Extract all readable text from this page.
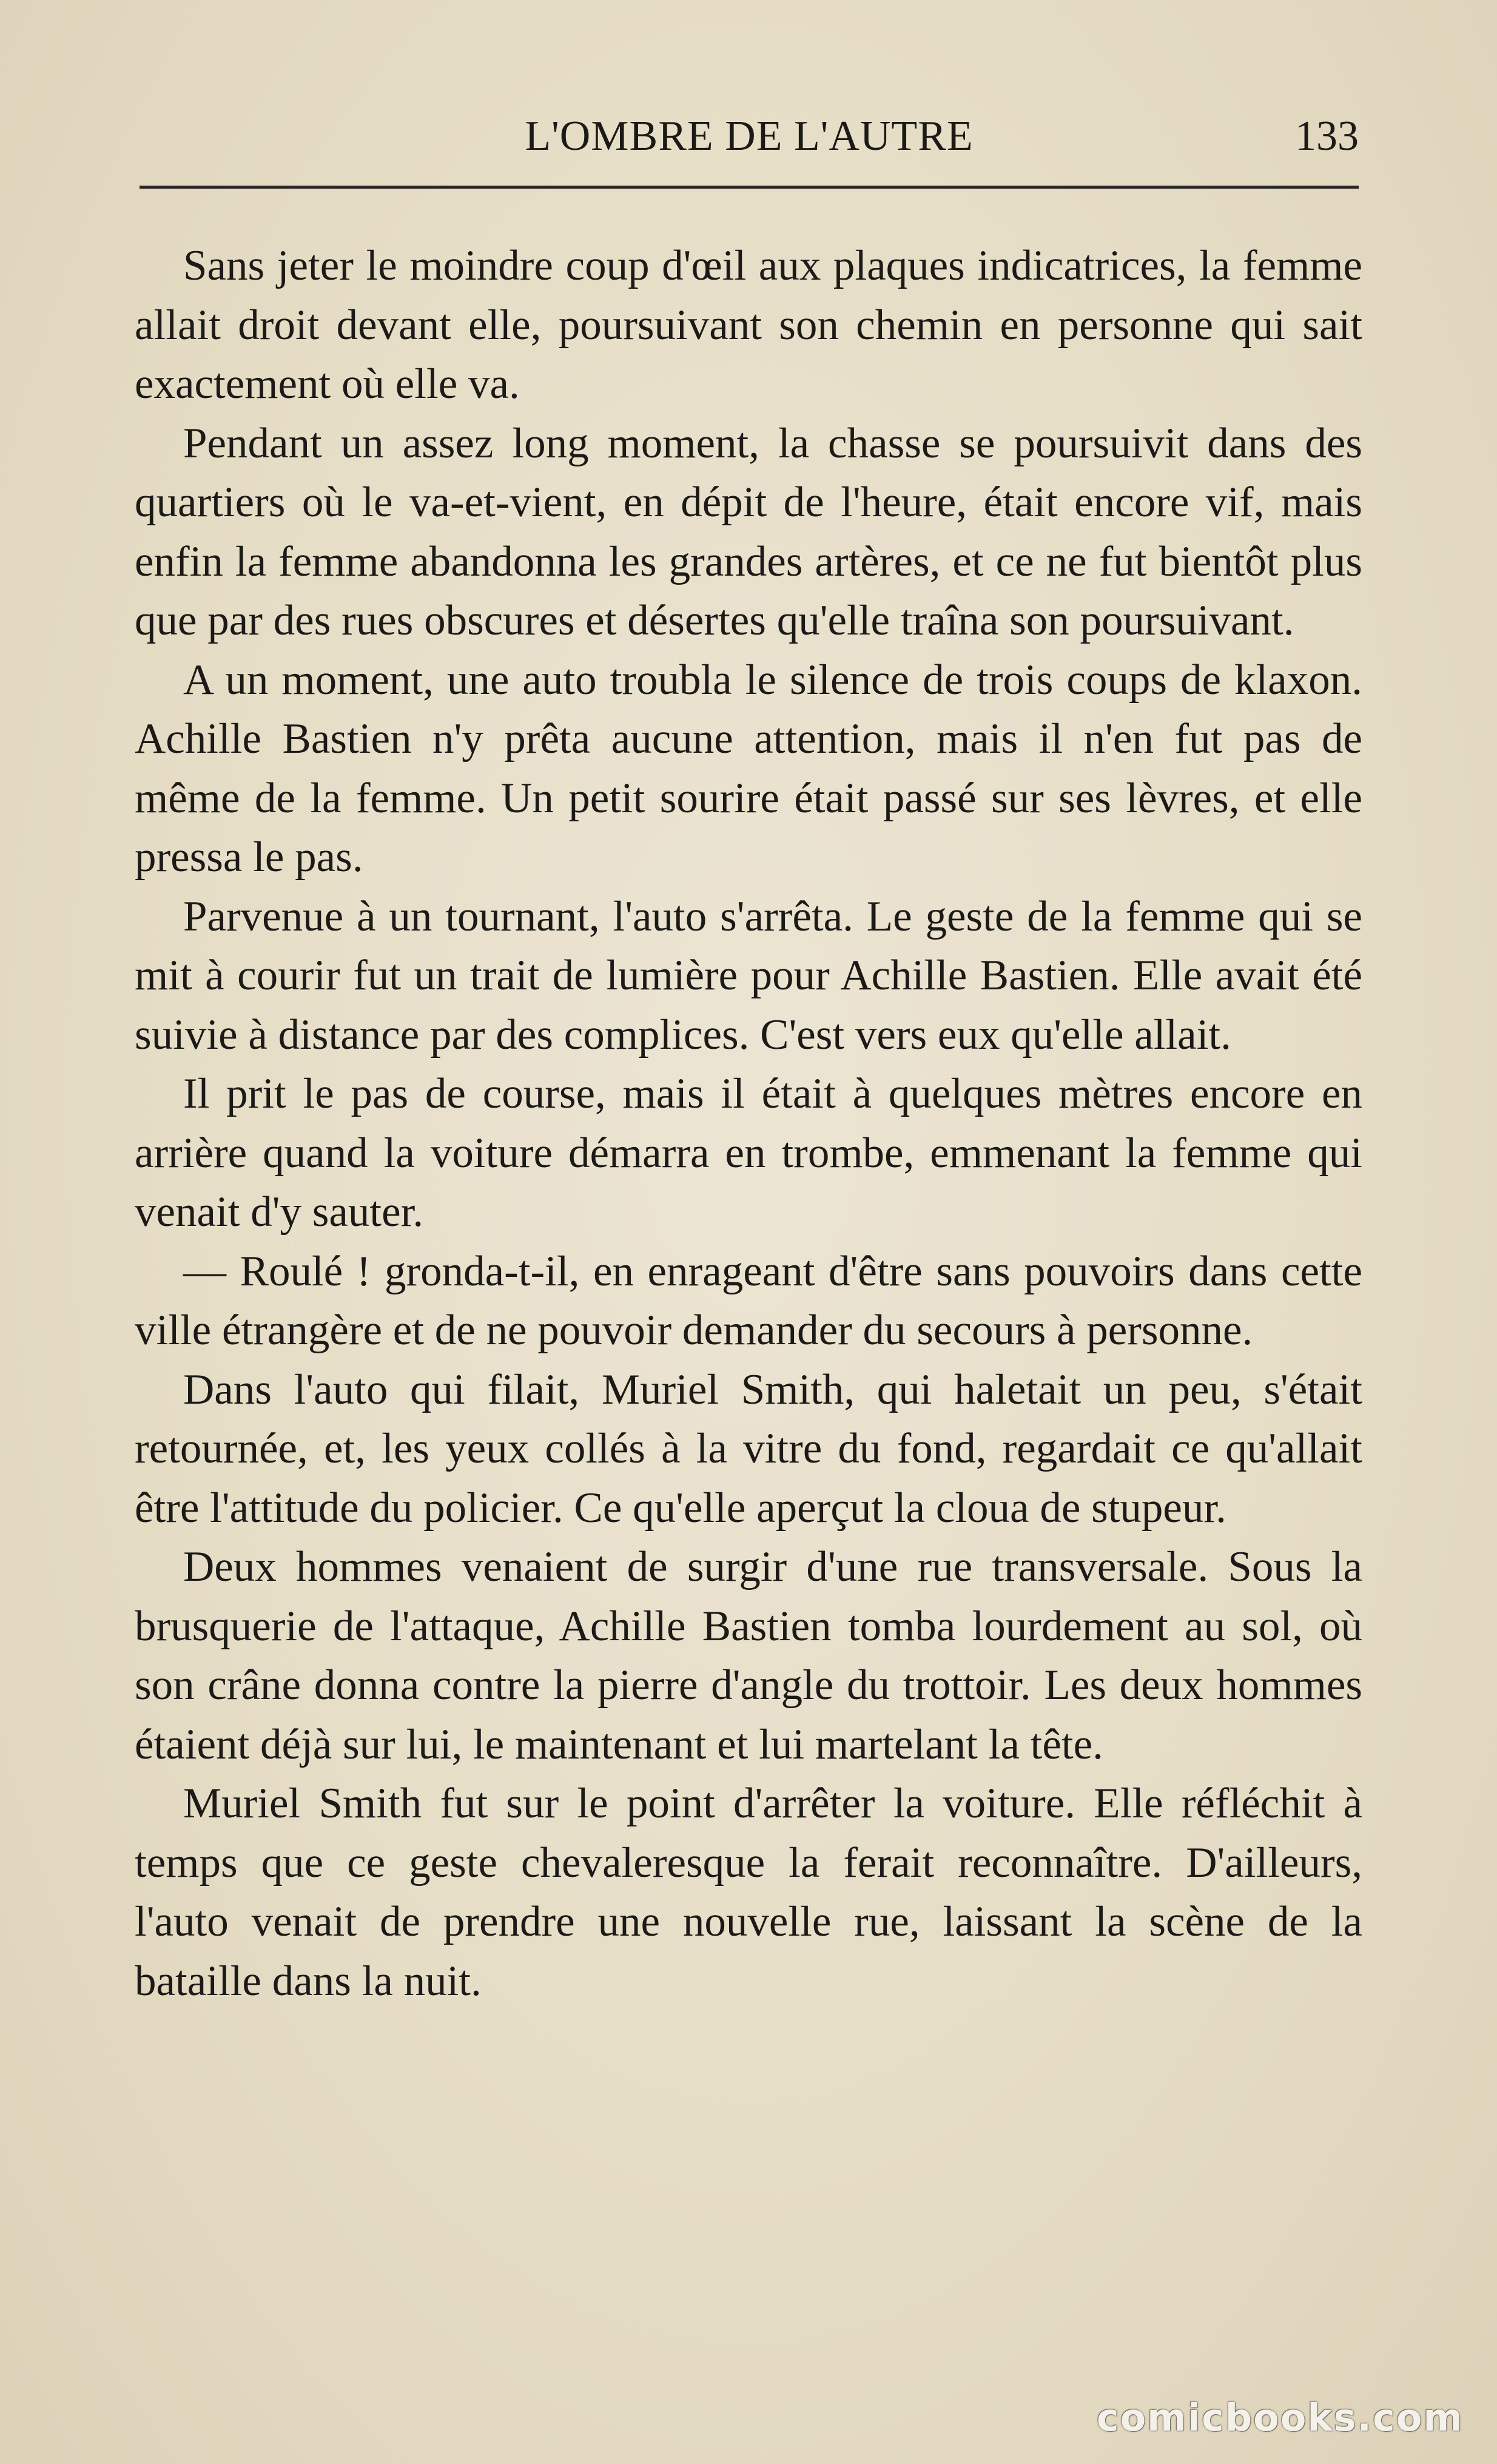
L'OMBRE DE L'AUTRE	133

Sans jeter le moindre coup d'œil aux plaques indicatrices, la femme allait droit devant elle, poursuivant son chemin en personne qui sait exactement où elle va.

Pendant un assez long moment, la chasse se poursuivit dans des quartiers où le va-et-vient, en dépit de l'heure, était encore vif, mais enfin la femme abandonna les grandes artères, et ce ne fut bientôt plus que par des rues obscures et désertes qu'elle traîna son poursuivant.

A un moment, une auto troubla le silence de trois coups de klaxon. Achille Bastien n'y prêta aucune attention, mais il n'en fut pas de même de la femme. Un petit sourire était passé sur ses lèvres, et elle pressa le pas.

Parvenue à un tournant, l'auto s'arrêta. Le geste de la femme qui se mit à courir fut un trait de lumière pour Achille Bastien. Elle avait été suivie à distance par des complices. C'est vers eux qu'elle allait.

Il prit le pas de course, mais il était à quelques mètres encore en arrière quand la voiture démarra en trombe, emmenant la femme qui venait d'y sauter.

— Roulé ! gronda-t-il, en enrageant d'être sans pouvoirs dans cette ville étrangère et de ne pouvoir demander du secours à personne.

Dans l'auto qui filait, Muriel Smith, qui haletait un peu, s'était retournée, et, les yeux collés à la vitre du fond, regardait ce qu'allait être l'attitude du policier. Ce qu'elle aperçut la cloua de stupeur.

Deux hommes venaient de surgir d'une rue transversale. Sous la brusquerie de l'attaque, Achille Bastien tomba lourdement au sol, où son crâne donna contre la pierre d'angle du trottoir. Les deux hommes étaient déjà sur lui, le maintenant et lui martelant la tête.

Muriel Smith fut sur le point d'arrêter la voiture. Elle réfléchit à temps que ce geste chevaleresque la ferait reconnaître. D'ailleurs, l'auto venait de prendre une nouvelle rue, laissant la scène de la bataille dans la nuit.

comicbooks.com
